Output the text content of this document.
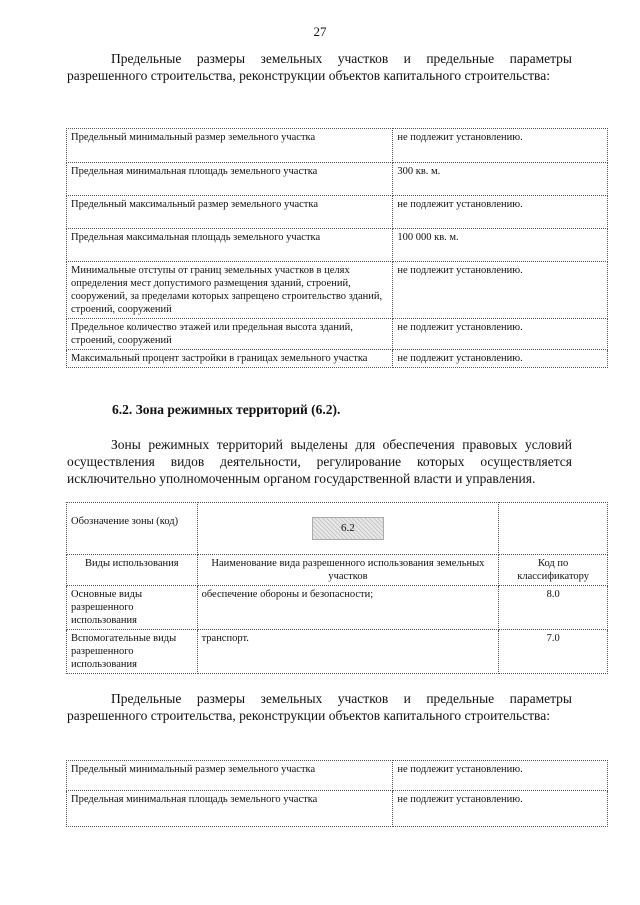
27

Предельные размеры земельных участков и предельные параметры разрешенного строительства, реконструкции объектов капитального строительства:

Предельный минимальный размер земельного участка	не подлежит установлению.
Предельная минимальная площадь земельного участка	300 кв. м.
Предельный максимальный размер земельного участка	не подлежит установлению.
Предельная максимальная площадь земельного участка	100 000 кв. м.
Минимальные отступы от границ земельных участков в целях определения мест допустимого размещения зданий, строений, сооружений, за пределами которых запрещено строительство зданий, строений, сооружений	не подлежит установлению.
Предельное количество этажей или предельная высота зданий, строений, сооружений	не подлежит установлению.
Максимальный процент застройки в границах земельного участка	не подлежит установлению.
6.2. Зона режимных территорий (6.2).

Зоны режимных территорий выделены для обеспечения правовых условий осуществления видов деятельности, регулирование которых осуществляется исключительно уполномоченным органом государственной власти и управления.

Обозначение зоны (код)	6.2	
Виды использования	Наименование вида разрешенного использования земельных участков	Код по классификатору
Основные виды разрешенного использования	обеспечение обороны и безопасности;	8.0
Вспомогательные виды разрешенного использования	транспорт.	7.0

Предельные размеры земельных участков и предельные параметры разрешенного строительства, реконструкции объектов капитального строительства:

Предельный минимальный размер земельного участка	не подлежит установлению.
Предельная минимальная площадь земельного участка	не подлежит установлению.
